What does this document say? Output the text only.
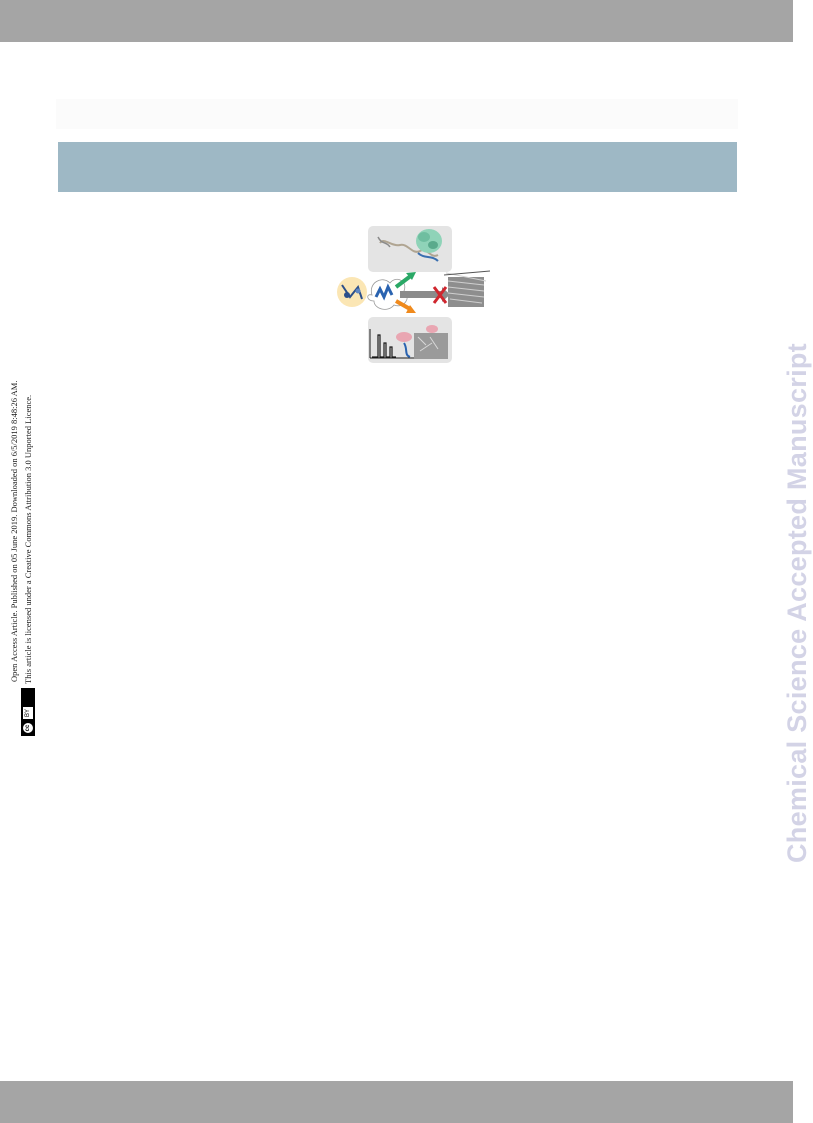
Open Access Article. Published on 05 June 2019. Downloaded on 6/5/2019 8:48:26 AM.
cc
BY
This article is licensed under a Creative Commons Attribution 3.0 Unported Licence.	Chemical Science Accepted Manuscript
